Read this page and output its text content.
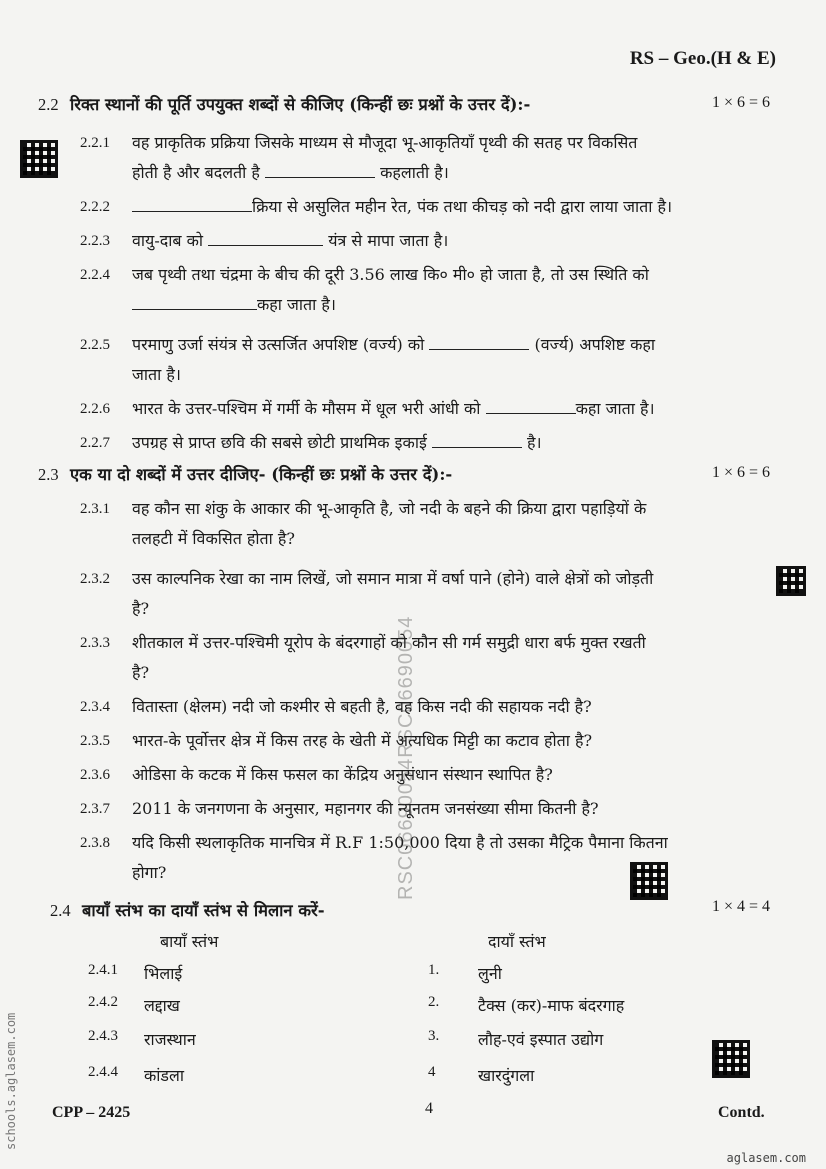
RS – Geo.(H & E)
2.2 रिक्त स्थानों की पूर्ति उपयुक्त शब्दों से कीजिए (किन्हीं छः प्रश्नों के उत्तर दें):-	1 × 6 = 6
2.2.1 वह प्राकृतिक प्रक्रिया जिसके माध्यम से मौजूदा भू-आकृतियाँ पृथ्वी की सतह पर विकसित
होती है और बदलती है	कहलाती है।
2.2.2	क्रिया से असुलित महीन रेत, पंक तथा कीचड़ को नदी द्वारा लाया जाता है।
2.2.3 वायु-दाब को	यंत्र से मापा जाता है।
2.2.4 जब पृथ्वी तथा चंद्रमा के बीच की दूरी 3.56 लाख कि० मी० हो जाता है, तो उस स्थिति को
कहा जाता है।
2.2.5 परमाणु उर्जा संयंत्र से उत्सर्जित अपशिष्ट (वर्ज्य) को	(वर्ज्य) अपशिष्ट कहा
जाता है।
2.2.6 भारत के उत्तर-पश्चिम में गर्मी के मौसम में धूल भरी आंधी को	कहा जाता है।
2.2.7 उपग्रह से प्राप्त छवि की सबसे छोटी प्राथमिक इकाई	है।
2.3 एक या दो शब्दों में उत्तर दीजिए- (किन्हीं छः प्रश्नों के उत्तर दें):-	1 × 6 = 6
2.3.1 वह कौन सा शंकु के आकार की भू-आकृति है, जो नदी के बहने की क्रिया द्वारा पहाड़ियों के
तलहटी में विकसित होता है?
2.3.2 उस काल्पनिक रेखा का नाम लिखें, जो समान मात्रा में वर्षा पाने (होने) वाले क्षेत्रों को जोड़ती
है?
2.3.3 शीतकाल में उत्तर-पश्चिमी यूरोप के बंदरगाहों को कौन सी गर्म समुद्री धारा बर्फ मुक्त रखती
है?
2.3.4 वितास्ता (क्षेलम) नदी जो कश्मीर से बहती है, वह किस नदी की सहायक नदी है?
2.3.5 भारत-के पूर्वोत्तर क्षेत्र में किस तरह के खेती में अत्यधिक मिट्टी का कटाव होता है?
2.3.6 ओडिसा के कटक में किस फसल का केंद्रिय अनुसंधान संस्थान स्थापित है?
2.3.7 2011 के जनगणना के अनुसार, महानगर की न्यूनतम जनसंख्या सीमा कितनी है?
2.3.8 यदि किसी स्थलाकृतिक मानचित्र में R.F 1:50,000 दिया है तो उसका मैट्रिक पैमाना कितना
होगा?
2.4 बायाँ स्तंभ का दायाँ स्तंभ से मिलान करें-	1 × 4 = 4
बायाँ स्तंभ	दायाँ स्तंभ
2.4.1 भिलाई	1. लुनी
2.4.2 लद्दाख	2. टैक्स (कर)-माफ बंदरगाह
2.4.3 राजस्थान	3. लौह-एवं इस्पात उद्योग
2.4.4 कांडला	4	खारदुंगला
CPP – 2425	4	Contd.
schools.aglasem.com
RSC06690054RSC06690054
aglasem.com
